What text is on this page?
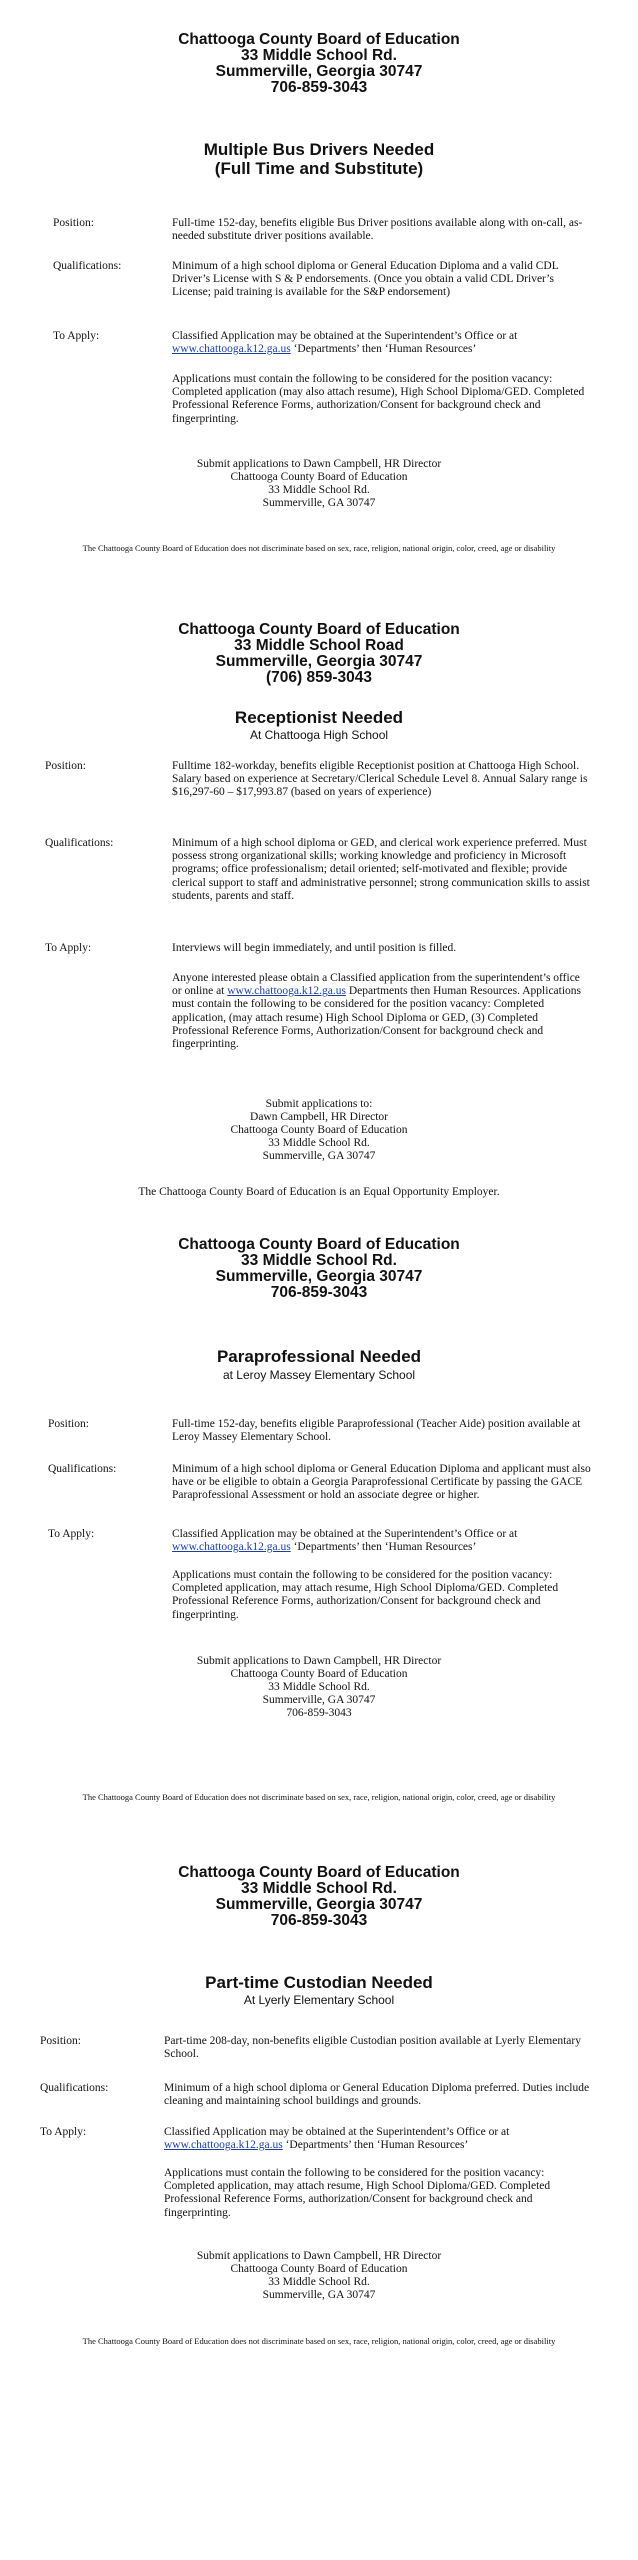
Chattooga County Board of Education

33 Middle School Rd.

Summerville, Georgia 30747

706-859-3043

Multiple Bus Drivers Needed

(Full Time and Substitute)

Position:	Full-time 152-day, benefits eligible Bus Driver positions available along with on-call, as-needed substitute driver positions available.
Qualifications:	Minimum of a high school diploma or General Education Diploma and a valid CDL Driver’s License with S & P endorsements. (Once you obtain a valid CDL Driver’s License; paid training is available for the S&P endorsement)
To Apply:	Classified Application may be obtained at the Superintendent’s Office or at www.chattooga.k12.ga.us ‘Departments’ then ‘Human Resources’
Applications must contain the following to be considered for the position vacancy: Completed application (may also attach resume), High School Diploma/GED. Completed Professional Reference Forms, authorization/Consent for background check and fingerprinting.

Submit applications to Dawn Campbell, HR Director

Chattooga County Board of Education

33 Middle School Rd.

Summerville, GA 30747

The Chattooga County Board of Education does not discriminate based on sex, race, religion, national origin, color, creed, age or disability

Chattooga County Board of Education

33 Middle School Road

Summerville, Georgia 30747

(706) 859-3043

Receptionist Needed
At Chattooga High School
Position:	Fulltime 182-workday, benefits eligible Receptionist position at Chattooga High School. Salary based on experience at Secretary/Clerical Schedule Level 8. Annual Salary range is $16,297-60 – $17,993.87 (based on years of experience)
Qualifications:	Minimum of a high school diploma or GED, and clerical work experience preferred. Must possess strong organizational skills; working knowledge and proficiency in Microsoft programs; office professionalism; detail oriented; self-motivated and flexible; provide clerical support to staff and administrative personnel; strong communication skills to assist students, parents and staff.
To Apply:	Interviews will begin immediately, and until position is filled.
Anyone interested please obtain a Classified application from the superintendent’s office or online at www.chattooga.k12.ga.us Departments then Human Resources. Applications must contain the following to be considered for the position vacancy: Completed application, (may attach resume) High School Diploma or GED, (3) Completed Professional Reference Forms, Authorization/Consent for background check and fingerprinting.

Submit applications to:

Dawn Campbell, HR Director

Chattooga County Board of Education

33 Middle School Rd.

Summerville, GA 30747

The Chattooga County Board of Education is an Equal Opportunity Employer.

Chattooga County Board of Education

33 Middle School Rd.

Summerville, Georgia 30747

706-859-3043

Paraprofessional Needed
at Leroy Massey Elementary School
Position:	Full-time 152-day, benefits eligible Paraprofessional (Teacher Aide) position available at Leroy Massey Elementary School.
Qualifications:	Minimum of a high school diploma or General Education Diploma and applicant must also have or be eligible to obtain a Georgia Paraprofessional Certificate by passing the GACE Paraprofessional Assessment or hold an associate degree or higher.
To Apply:	Classified Application may be obtained at the Superintendent’s Office or at www.chattooga.k12.ga.us ‘Departments’ then ‘Human Resources’
Applications must contain the following to be considered for the position vacancy: Completed application, may attach resume, High School Diploma/GED. Completed Professional Reference Forms, authorization/Consent for background check and fingerprinting.

Submit applications to Dawn Campbell, HR Director

Chattooga County Board of Education

33 Middle School Rd.

Summerville, GA 30747

706-859-3043

The Chattooga County Board of Education does not discriminate based on sex, race, religion, national origin, color, creed, age or disability

Chattooga County Board of Education

33 Middle School Rd.

Summerville, Georgia 30747

706-859-3043

Part-time Custodian Needed
At Lyerly Elementary School
Position:	Part-time 208-day, non-benefits eligible Custodian position available at Lyerly Elementary School.
Qualifications:	Minimum of a high school diploma or General Education Diploma preferred. Duties include cleaning and maintaining school buildings and grounds.
To Apply:	Classified Application may be obtained at the Superintendent’s Office or at www.chattooga.k12.ga.us ‘Departments’ then ‘Human Resources’
Applications must contain the following to be considered for the position vacancy: Completed application, may attach resume, High School Diploma/GED. Completed Professional Reference Forms, authorization/Consent for background check and fingerprinting.

Submit applications to Dawn Campbell, HR Director

Chattooga County Board of Education

33 Middle School Rd.

Summerville, GA 30747

The Chattooga County Board of Education does not discriminate based on sex, race, religion, national origin, color, creed, age or disability
